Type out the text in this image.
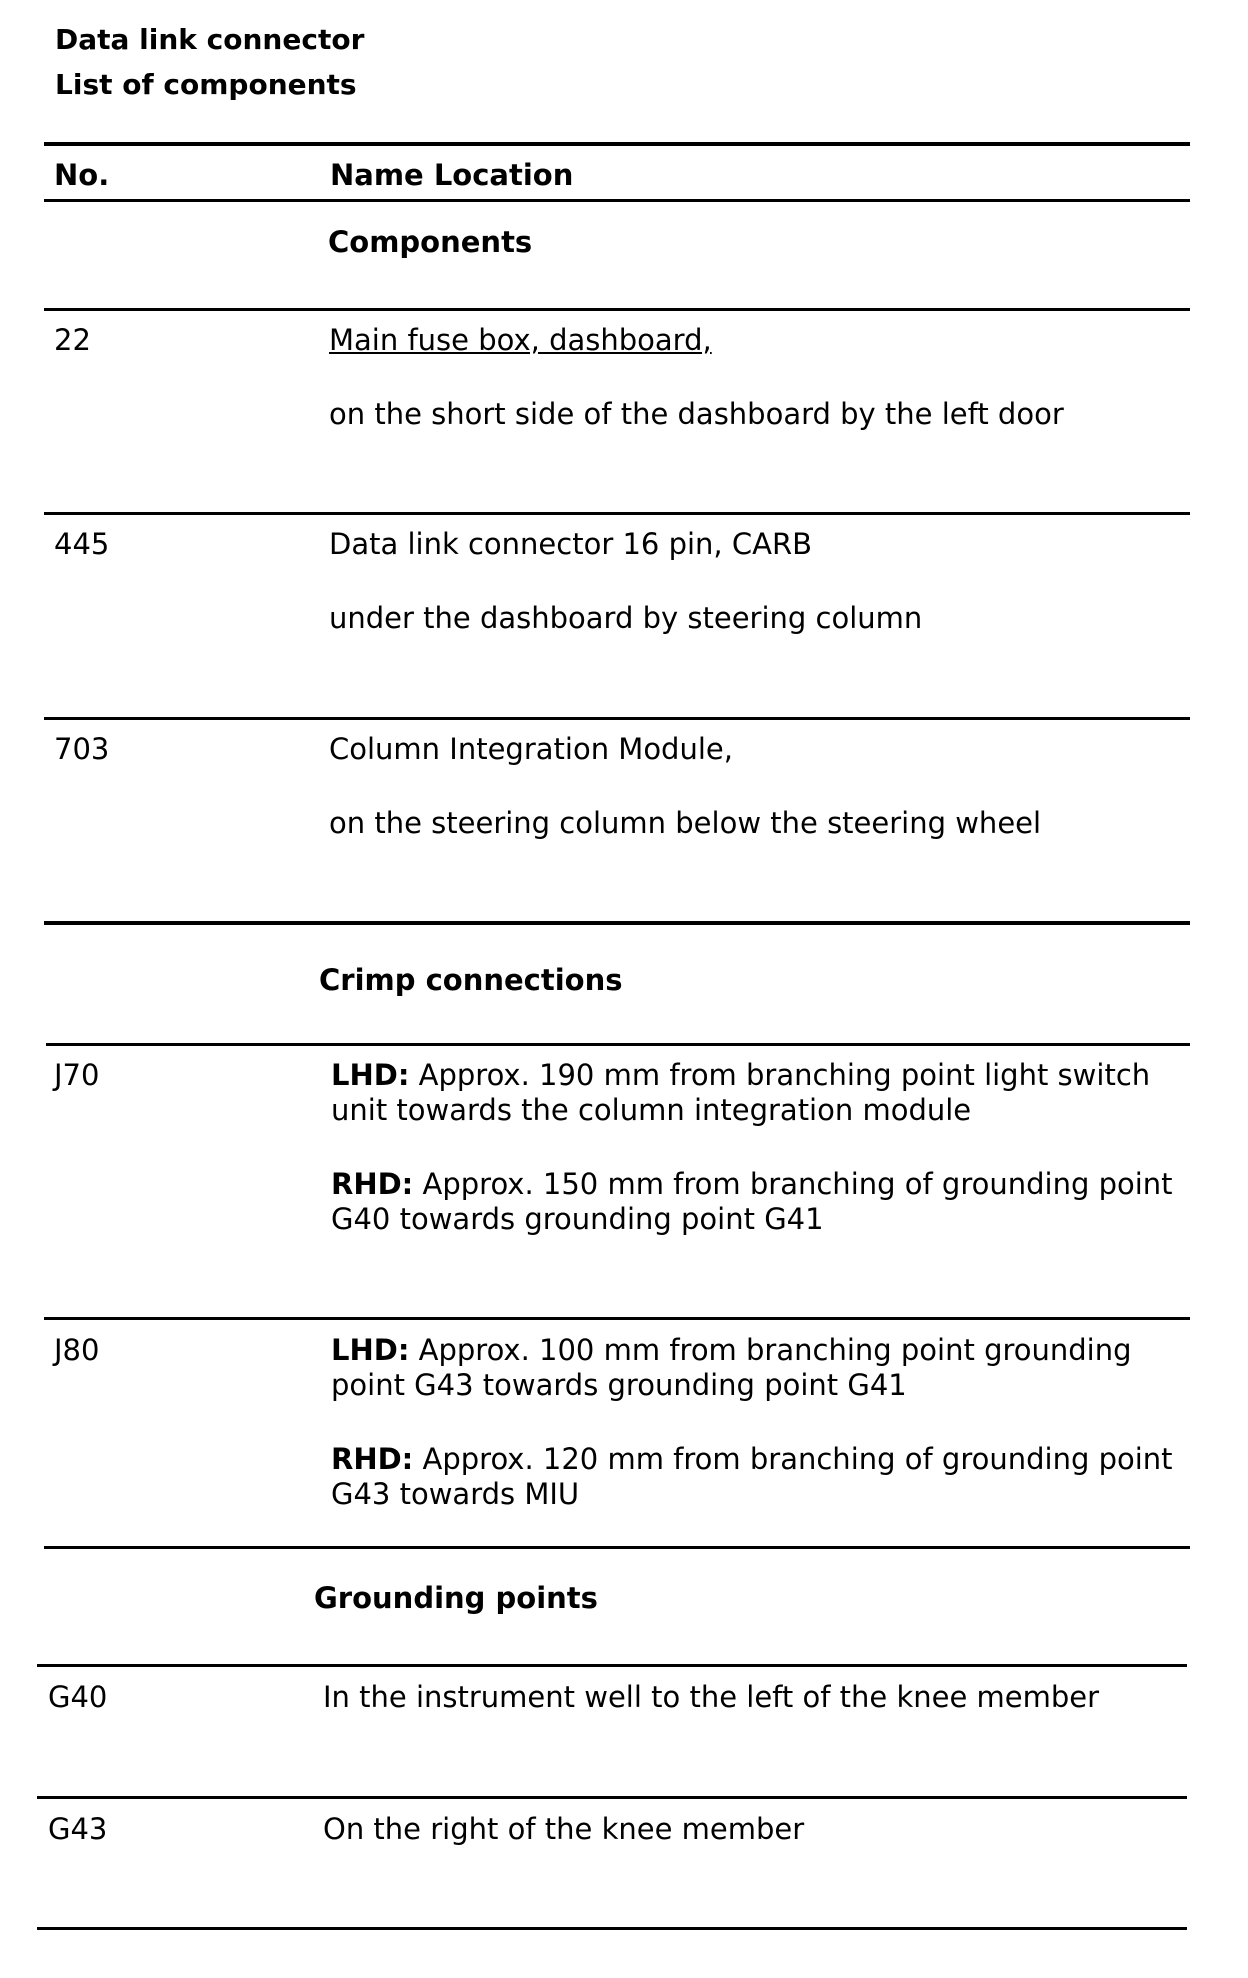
Data link connector
List of components
No.	Name Location
Components
22	Main fuse box, dashboard,
on the short side of the dashboard by the left door
445	Data link connector 16 pin, CARB
under the dashboard by steering column
703	Column Integration Module,
on the steering column below the steering wheel
Crimp connections
J70	LHD: Approx. 190 mm from branching point light switch
unit towards the column integration module
RHD: Approx. 150 mm from branching of grounding point
G40 towards grounding point G41
J80	LHD: Approx. 100 mm from branching point grounding
point G43 towards grounding point G41
RHD: Approx. 120 mm from branching of grounding point
G43 towards MIU
Grounding points
G40	In the instrument well to the left of the knee member
G43	On the right of the knee member
